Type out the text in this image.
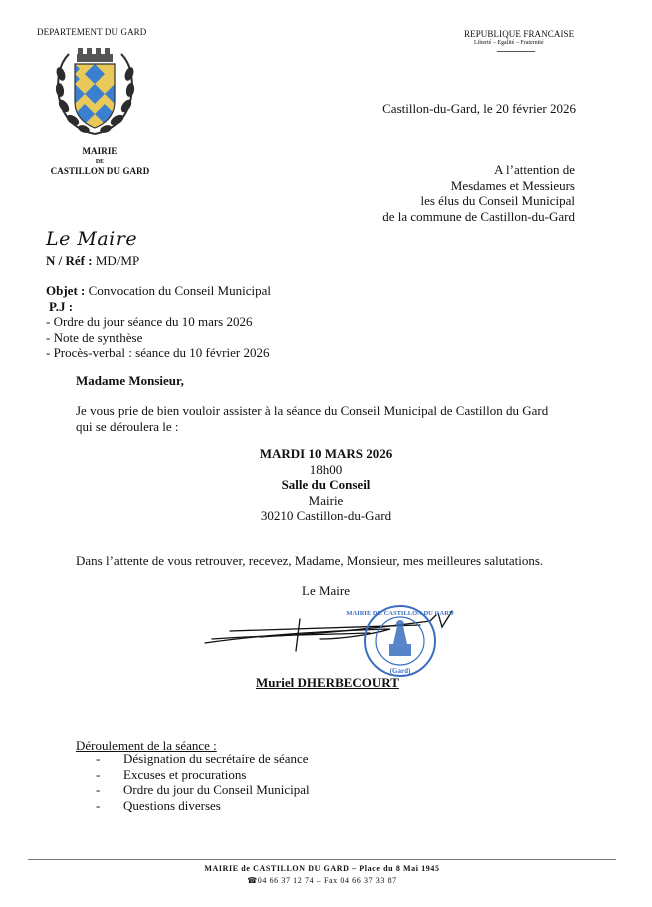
DEPARTEMENT DU GARD
MAIRIE
DE
CASTILLON DU GARD
REPUBLIQUE FRANCAISE
Liberté – Egalité – Fraternité
Castillon-du-Gard, le 20 février 2026
A l’attention de
Mesdames et Messieurs
les élus du Conseil Municipal
de la commune de Castillon-du-Gard
Le Maire
N / Réf : MD/MP
Objet : Convocation du Conseil Municipal
P.J :
- Ordre du jour séance du 10 mars 2026
- Note de synthèse
- Procès-verbal : séance du 10 février 2026
Madame Monsieur,
Je vous prie de bien vouloir assister à la séance du Conseil Municipal de Castillon du Gard
qui se déroulera le :
MARDI 10 MARS 2026
18h00
Salle du Conseil
Mairie
30210 Castillon-du-Gard
Dans l’attente de vous retrouver, recevez, Madame, Monsieur, mes meilleures salutations.
Le Maire
MAIRIE DE CASTILLON DU GARD
(Gard)
Muriel DHERBECOURT
Déroulement de la séance :
-	Désignation du secrétaire de séance
-	Excuses et procurations
-	Ordre du jour du Conseil Municipal
-	Questions diverses
MAIRIE de CASTILLON DU GARD – Place du 8 Mai 1945
☎04 66 37 12 74 – Fax 04 66 37 33 87
